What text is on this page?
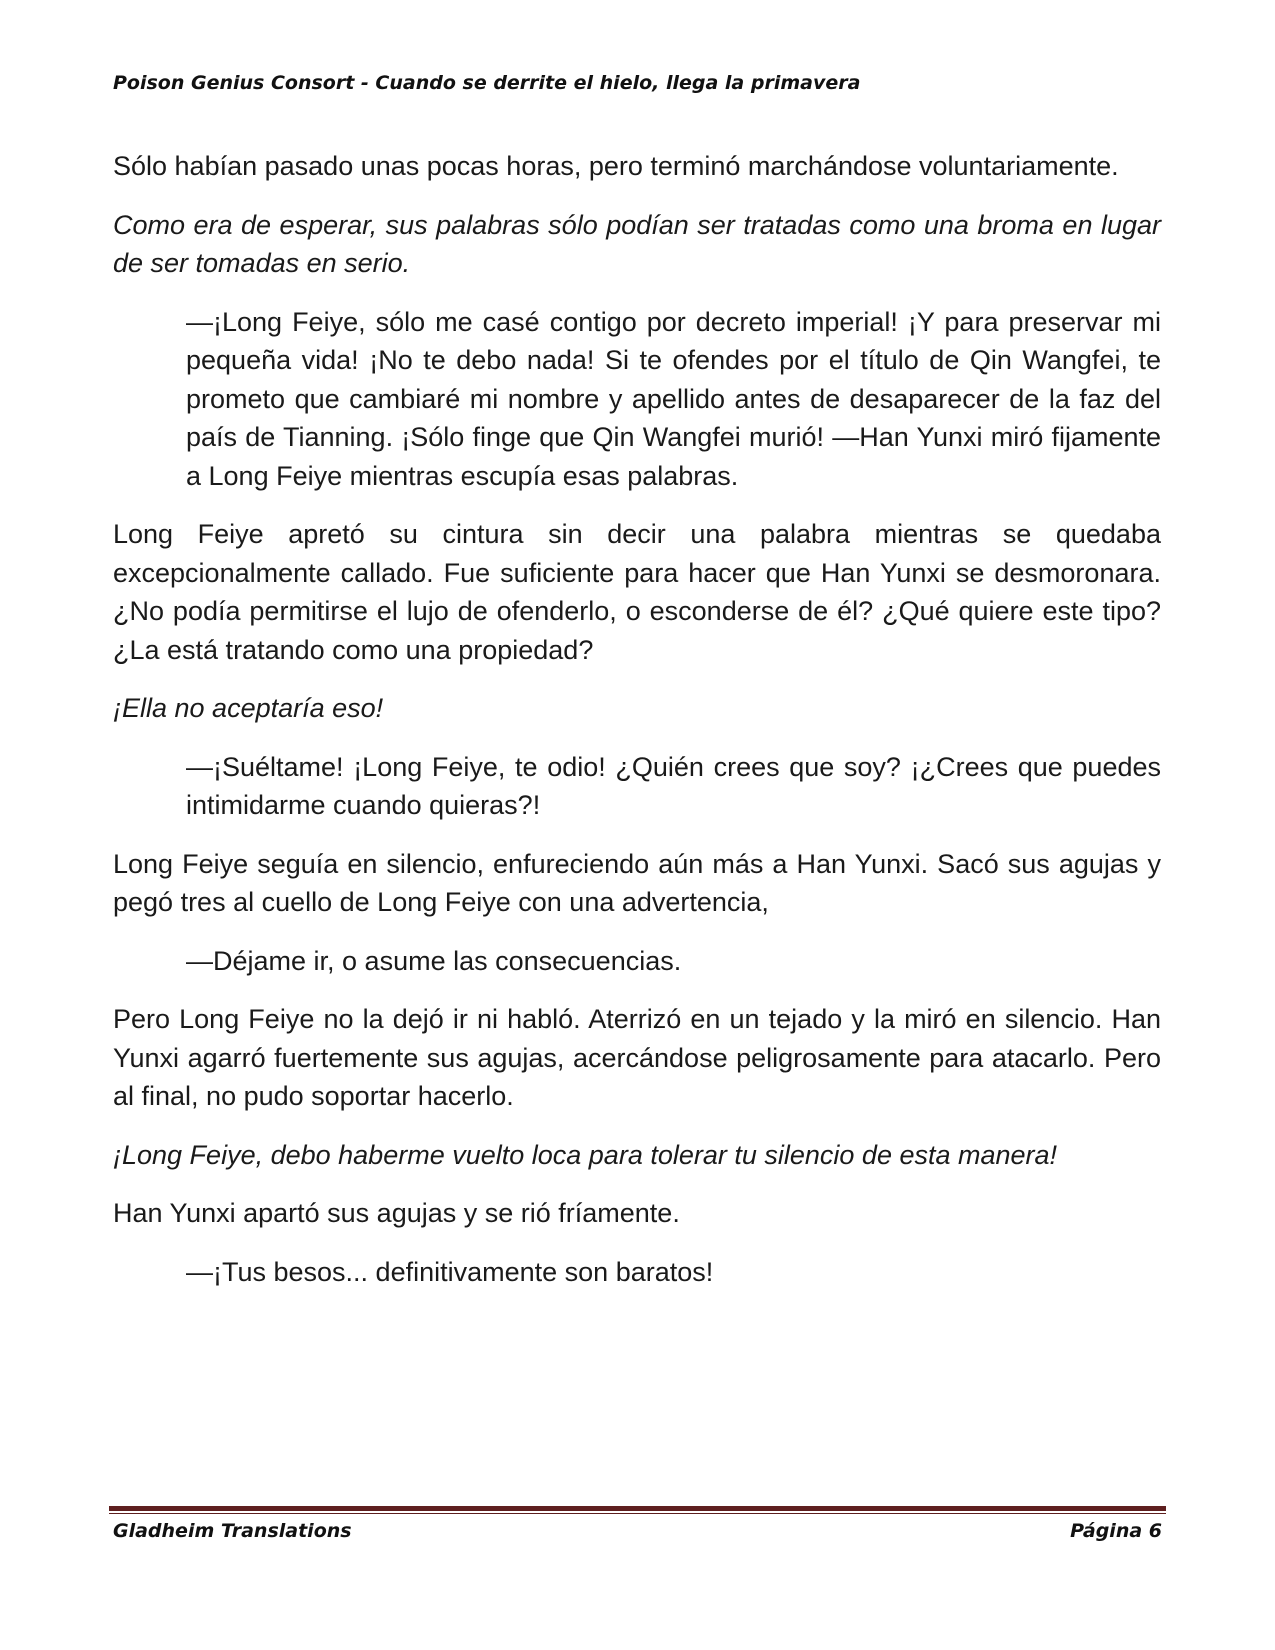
Poison Genius Consort - Cuando se derrite el hielo, llega la primavera

Sólo habían pasado unas pocas horas, pero terminó marchándose voluntariamente.

Como era de esperar, sus palabras sólo podían ser tratadas como una broma en lugar de ser tomadas en serio.

—¡Long Feiye, sólo me casé contigo por decreto imperial! ¡Y para preservar mi pequeña vida! ¡No te debo nada! Si te ofendes por el título de Qin Wangfei, te prometo que cambiaré mi nombre y apellido antes de desaparecer de la faz del país de Tianning. ¡Sólo finge que Qin Wangfei murió! —Han Yunxi miró fijamente a Long Feiye mientras escupía esas palabras.

Long Feiye apretó su cintura sin decir una palabra mientras se quedaba excepcionalmente callado. Fue suficiente para hacer que Han Yunxi se desmoronara. ¿No podía permitirse el lujo de ofenderlo, o esconderse de él? ¿Qué quiere este tipo? ¿La está tratando como una propiedad?

¡Ella no aceptaría eso!

—¡Suéltame! ¡Long Feiye, te odio! ¿Quién crees que soy? ¡¿Crees que puedes intimidarme cuando quieras?!

Long Feiye seguía en silencio, enfureciendo aún más a Han Yunxi. Sacó sus agujas y pegó tres al cuello de Long Feiye con una advertencia,

—Déjame ir, o asume las consecuencias.

Pero Long Feiye no la dejó ir ni habló. Aterrizó en un tejado y la miró en silencio. Han Yunxi agarró fuertemente sus agujas, acercándose peligrosamente para atacarlo. Pero al final, no pudo soportar hacerlo.

¡Long Feiye, debo haberme vuelto loca para tolerar tu silencio de esta manera!

Han Yunxi apartó sus agujas y se rió fríamente.

—¡Tus besos... definitivamente son baratos!

Gladheim Translations	Página 6
